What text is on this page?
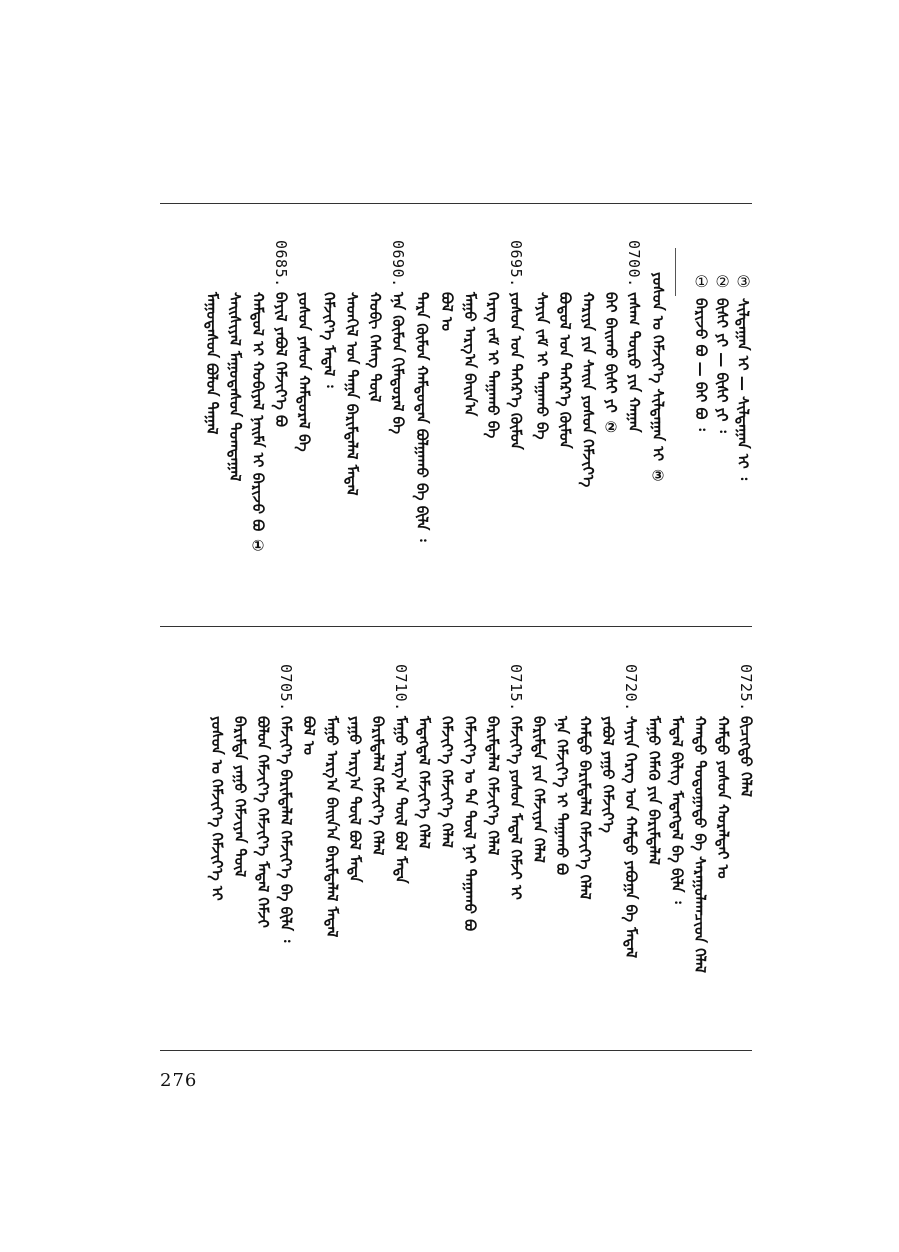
③
ᠰᠢᠯᠲᠠᠭᠠᠨ ᠢ — ᠰᠢᠯᠲᠠᠭᠠᠨ ᠢ ᠄
②
ᠪᠢᠰᠢ ᠶᠢ — ᠪᠢᠰᠢ ᠶᠢ ᠄
①
ᠪᠠᠷᠢᠵᠤ ᠪᠣ — ᠪᠠᠢ ᠪᠣ ᠄
ᠶᠣᠰᠣᠨ ᠤ ᠬᠡᠮᠵᠢᠶ᠎ᠡ ᠰᠢᠯᠲᠠᠭᠠᠨ ᠢ ③
0700.
ᠵᠠᠰᠠᠭ ᠲᠥᠷᠥ ᠶᠢᠨ ᠬᠠᠭᠠᠨ
ᠪᠠᠢ ᠪᠠᠢᠬᠤ ᠪᠢᠰᠢ ᠶᠢ ②
ᠬᠠᠷᠢᠶᠠ ᠶᠢᠨ ᠰᠠᠢᠨ ᠶᠣᠰᠣᠨ ᠬᠡᠮᠵᠢᠶ᠎ᠡ
ᠪᠣᠳᠣᠯ ᠤᠨ ᠳᠡᠭᠡᠷ᠎ᠡ ᠬᠦᠮᠦᠨ
ᠰᠠᠶᠢᠨ ᠵᠠᠮ ᠢ ᠳᠠᠭᠠᠬᠤ ᠪᠠ
0695.
ᠶᠣᠰᠣᠨ ᠤᠨ ᠳᠡᠭᠡᠷ᠎ᠡ ᠬᠦᠮᠦᠨ
ᠬᠡᠷᠡᠭ ᠵᠠᠮ ᠢ ᠳᠠᠭᠠᠬᠤ ᠪᠠ
ᠮᠠᠭᠤ ᠠᠷᠭ᠎ᠠ ᠪᠠᠢᠨ᠎ᠠ
ᠪᠣᠯ ᠤ
ᠲᠡᠷᠡ ᠬᠦᠮᠦᠨ ᠬᠠᠮᠲᠤᠳᠠᠨ ᠪᠣᠯᠭᠠᠬᠤ ᠪᠠ ᠪᠢᠯᠡ ᠄
0690.
ᠡᠨᠡ ᠬᠥᠮᠦᠨ ᠬᠢᠮᠠᠳᠤᠷᠠᠯ ᠪᠠ
ᠬᠤᠪᠢ ᠬᠡᠰᠡᠭ ᠲᠦᠯ
ᠰᠡᠳᠬᠢᠯ ᠤᠨ ᠳᠠᠭᠠ ᠪᠠᠷᠢᠮᠲᠠᠯᠠᠯ ᠮᠡᠳᠡᠯ
ᠬᠡᠮᠵᠢᠶ᠎ᠡ ᠮᠡᠳᠡᠯ ᠄
ᠶᠣᠰᠣᠨ ᠶᠠᠰᠤᠨ ᠬᠠᠮᠲᠤᠷᠠᠯ ᠪᠠ
0685.
ᠪᠠᠶᠢᠯ ᠶᠠᠪᠤᠯ ᠬᠡᠮᠵᠢᠶ᠎ᠡ ᠪᠣ
ᠬᠠᠮᠲᠤᠯ ᠢ ᠬᠤᠪᠢᠶᠠᠯ ᠨᠠᠢᠮᠠ ᠢ ᠪᠠᠷᠢᠵᠤ ᠪᠣ ①
ᠰᠠᠢᠰᠢᠶᠠᠯ ᠮᠠᠭᠤᠳᠠᠰᠤᠨ ᠲᠣᠭᠲᠠᠭᠠᠯ
ᠮᠠᠭᠤᠳᠠᠰᠤᠨ ᠪᠣᠯᠤᠨ ᠳᠠᠭᠠᠯ
0725.
ᠪᠢᠴᠢᠭᠲᠦ ᠬᠡᠯᠡᠯ
ᠬᠠᠮᠲᠤ ᠶᠣᠰᠣᠨ ᠬᠤᠷᠠᠯᠳᠠᠢ ᠤ
ᠬᠠᠨᠳᠤ ᠳᠣᠳᠣᠭᠠᠳᠤ ᠪᠠ ᠰᠠᠷᠠᠭᠤᠯᠠᠭᠴᠢᠳ ᠬᠡᠯᠡᠯ
ᠮᠡᠳᠡᠯ ᠪᠢᠯᠢᠭ ᠮᠡᠳᠡᠭᠳᠡᠯ ᠪᠠ ᠪᠢᠯᠡ ᠄
ᠮᠠᠭᠤ ᠬᠡᠮᠡᠬᠦ ᠶᠢᠨ ᠪᠠᠷᠢᠮᠲᠠᠯᠠᠯ
0720.
ᠰᠠᠶᠢᠨ ᠬᠡᠷᠡᠭ ᠤᠨ ᠬᠠᠮᠲᠤ ᠶᠠᠪᠤᠭᠠ ᠪᠠ ᠮᠡᠳᠡᠯ
ᠶᠠᠪᠤᠯ ᠶᠠᠭᠤ ᠬᠡᠮᠵᠢᠶ᠎ᠡ
ᠬᠠᠮᠲᠤ ᠪᠠᠷᠢᠮᠲᠠᠯᠠᠯ ᠬᠡᠮᠵᠢᠶ᠎ᠡ ᠬᠡᠯᠡᠯ
ᠡᠨᠡ ᠬᠡᠮᠵᠢᠶ᠎ᠡ ᠢ ᠳᠠᠭᠠᠬᠤ ᠪᠣ
ᠪᠠᠷᠢᠮᠲᠠ ᠶᠢᠨ ᠬᠡᠮᠵᠢᠶᠡᠨ ᠬᠡᠯᠡᠯ
0715.
ᠬᠡᠮᠵᠢᠶ᠎ᠡ ᠶᠣᠰᠣᠨ ᠮᠡᠳᠡᠯ ᠬᠡᠮᠵᠢ ᠢ
ᠪᠠᠷᠢᠮᠲᠠᠯᠠᠯ ᠬᠡᠮᠵᠢᠶ᠎ᠡ ᠬᠡᠯᠡᠯ
ᠬᠡᠮᠵᠢᠶ᠎ᠡ ᠤ ᠲᠡ ᠲᠦᠯ ᠨᠠᠢ ᠳᠠᠭᠠᠬᠤ ᠪᠣ
ᠬᠡᠮᠵᠢᠶ᠎ᠡ ᠬᠡᠮᠵᠢᠶ᠎ᠡ ᠬᠡᠯᠡᠯ
ᠮᠡᠳᠡᠭᠳᠡᠯ ᠬᠡᠮᠵᠢᠶ᠎ᠡ ᠬᠡᠯᠡᠯ
0710.
ᠮᠠᠭᠤ ᠠᠷᠭ᠎ᠠ ᠲᠦᠯ ᠪᠣᠯ ᠮᠡᠳᠡ
ᠪᠠᠷᠢᠮᠲᠠᠯᠠᠯ ᠬᠡᠮᠵᠢᠶ᠎ᠡ ᠬᠡᠯᠡᠯ
ᠶᠠᠭᠤ ᠠᠷᠭ᠎ᠠ ᠲᠦᠯ ᠪᠣᠯ ᠮᠡᠳᠡ
ᠮᠠᠭᠤ ᠠᠷᠭ᠎ᠠ ᠪᠠᠢᠨ᠎ᠠ ᠪᠠᠷᠢᠮᠲᠠᠯᠠᠯ ᠮᠡᠳᠡᠯ
ᠪᠣᠯ ᠤ
0705.
ᠬᠡᠮᠵᠢᠶ᠎ᠡ ᠪᠠᠷᠢᠮᠲᠠᠯᠠᠯ ᠬᠡᠮᠵᠢᠶ᠎ᠡ ᠪᠠ ᠪᠢᠯᠡ ᠄
ᠪᠣᠯᠤᠨ ᠬᠡᠮᠵᠢᠶ᠎ᠡ ᠬᠡᠮᠵᠢᠶ᠎ᠡ ᠮᠡᠳᠡᠯ ᠬᠡᠮᠵᠢ
ᠪᠠᠷᠢᠮᠲᠠ ᠶᠠᠭᠤ ᠬᠡᠮᠵᠢᠶᠡᠨ ᠲᠦᠯ
ᠶᠣᠰᠣᠨ ᠤ ᠬᠡᠮᠵᠢᠶ᠎ᠡ ᠬᠡᠮᠵᠢᠶ᠎ᠡ ᠢ
276
